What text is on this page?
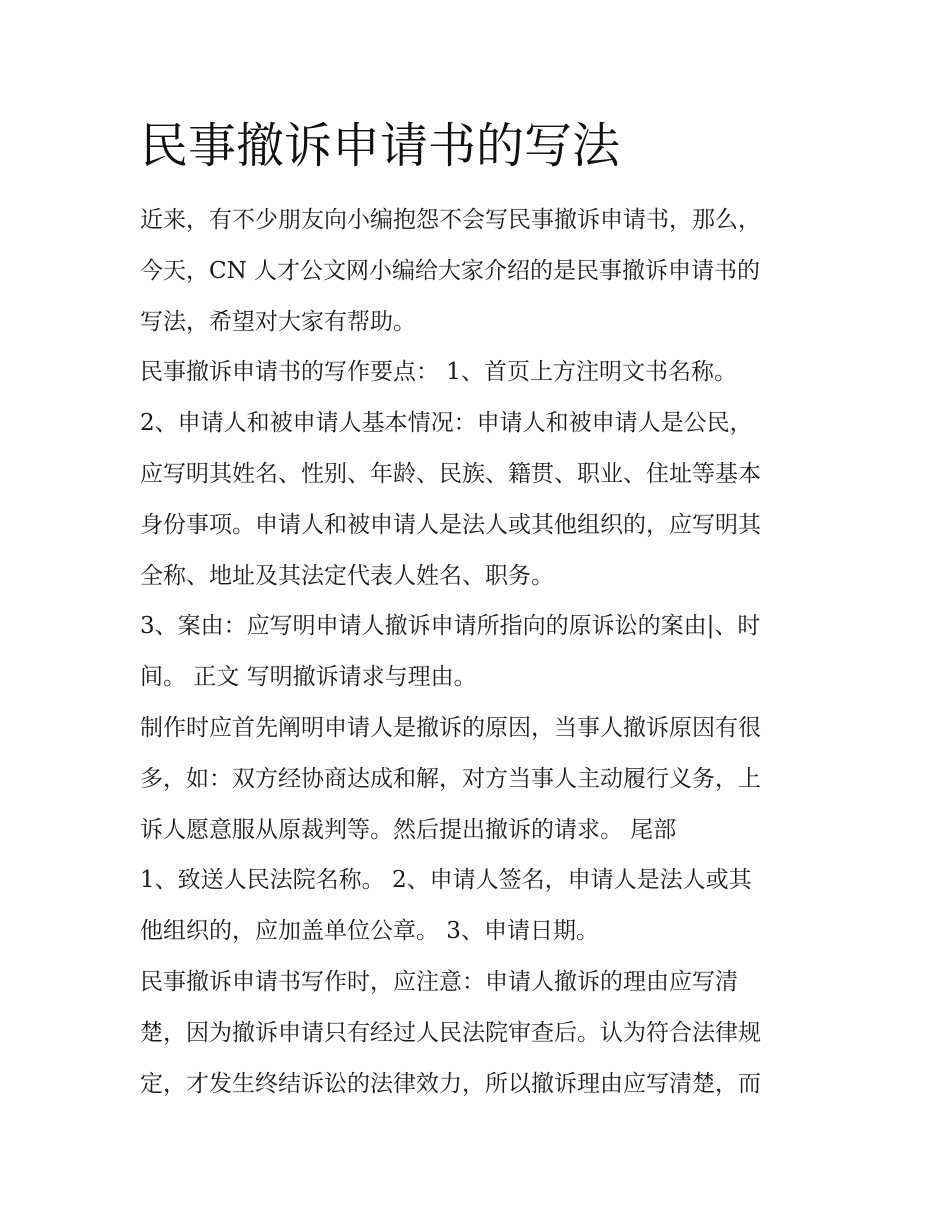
民事撤诉申请书的写法
近来，有不少朋友向小编抱怨不会写民事撤诉申请书，那么，
今天，CN 人才公文网小编给大家介绍的是民事撤诉申请书的
写法，希望对大家有帮助。
民事撤诉申请书的写作要点： 1、首页上方注明文书名称。
2、申请人和被申请人基本情况：申请人和被申请人是公民，
应写明其姓名、性别、年龄、民族、籍贯、职业、住址等基本
身份事项。申请人和被申请人是法人或其他组织的，应写明其
全称、地址及其法定代表人姓名、职务。
3、案由：应写明申请人撤诉申请所指向的原诉讼的案由|、时
间。 正文 写明撤诉请求与理由。
制作时应首先阐明申请人是撤诉的原因，当事人撤诉原因有很
多，如：双方经协商达成和解，对方当事人主动履行义务，上
诉人愿意服从原裁判等。然后提出撤诉的请求。 尾部
1、致送人民法院名称。 2、申请人签名，申请人是法人或其
他组织的，应加盖单位公章。 3、申请日期。
民事撤诉申请书写作时，应注意：申请人撤诉的理由应写清
楚，因为撤诉申请只有经过人民法院审查后。认为符合法律规
定，才发生终结诉讼的法律效力，所以撤诉理由应写清楚，而
